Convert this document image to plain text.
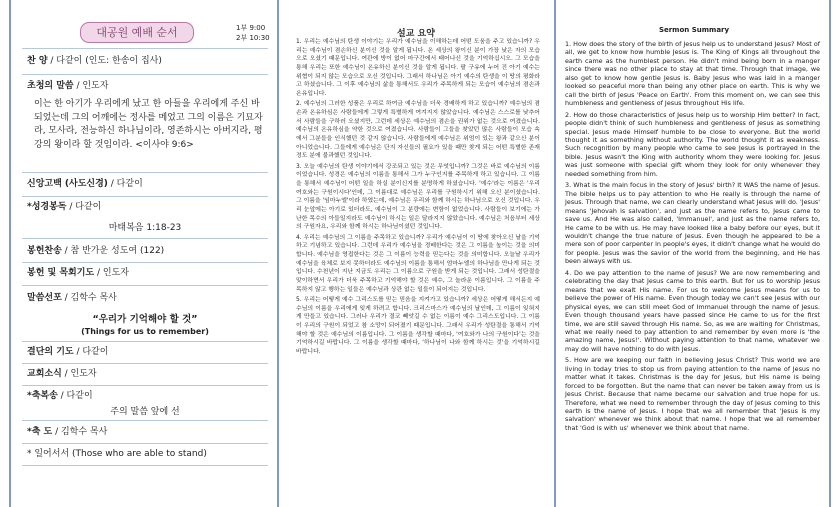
대공원 예배 순서	1부 9:00
2부 10:30
찬 양 / 다같이 (인도: 한송이 집사)
초청의 말씀 / 인도자
이는 한 아기가 우리에게 났고 한 아들을 우리에게 주신 바 되었는데 그의 어깨에는 정사를 메었고 그의 이름은 기묘자라, 모사라, 전능하신 하나님이라, 영존하시는 아버지라, 평강의 왕이라 할 것임이라. <이사야 9:6>
신앙고백 (사도신경) / 다같이
*성경봉독 / 다같이
마태복음 1:18-23
봉헌찬송 / 참 반가운 성도여 (122)
봉헌 및 목회기도 / 인도자
말씀선포 / 김학수 목사
“우리가 기억해야 할 것”
(Things for us to remember)
결단의 기도 / 다같이
교회소식 / 인도자
*축복송 / 다같이
주의 말씀 앞에 선
*축 도 / 김학수 목사
* 일어서서 (Those who are able to stand)
설교 요약

1. 우리는 예수님의 탄생 이야기는 우리가 예수님을 이해하는데 어떤 도움을 주고 있습니까? 우리는 예수님이 겸손하신 분이신 것을 알게 됩니다. 온 세상의 왕이신 분이 가장 낮은 자의 모습으로 오셨기 때문입니다. 여관에 방이 없어 마구간에서 태어나신 것을 기억하십시오. 그 모습을 통해 우리는 또한 예수님이 온유하신 분이신 것을 알게 됩니다. 팔 구유에 누어 진 아기 예수는 위협이 되지 않는 모습으로 오신 것입니다. 그래서 하나님은 아기 예수의 탄생을 이 땅의 평화라고 하셨습니다. 그 이후 예수님의 삶을 통해서도 우리가 주목하게 되는 모습이 예수님의 겸손과 온유입니다.

2. 예수님의 그러한 성품은 우리로 하여금 예수님을 더욱 경배하게 하고 있습니까? 예수님의 겸손과 온유하심은 사람들에게 그렇게 특별하게 여겨지지 않았습니다. 예수님은 스스로를 낮추어서 사람들을 구하러 오셨지만, 그런데 세상은 예수님의 겸손을 권위가 없는 것으로 여겼습니다. 예수님의 온유하심을 약한 것으로 여겼습니다. 사람들이 그들을 찾았던 많은 사람들이 모습 속에서 그분들을 인식했던 것 같지 않습니다. 사람들에게 예수님은 위엄이 있는 왕과 같으신 분이 아니었습니다. 그들에게 예수님은 단지 자신들의 필요가 있을 때만 찾게 되는 어떤 특별한 존재 정도 분에 불과했던 것입니다.

3. 오늘 예수님의 탄생 이야기에서 강조되고 있는 것은 무엇입니까? 그것은 바로 예수님의 이름이었습니다. 성경은 예수님의 이름을 통해서 그가 누구인지를 주목하게 하고 있습니다. 그 이름을 통해서 예수님이 어떤 일을 하실 분이신지를 분명하게 하셨습니다. '예수'라는 이름은 '우리 여호와는 구원이시다'인데, 그 이름대로 예수님은 우리를 구원하시기 위해 오신 분이셨습니다. 그 이름을 '임마누엘'이라 하였는데, 예수님은 우리와 함께 하시는 하나님으로 오신 것입니다. 우리 눈앞에는 아기로 있더라도, 예수님이 그 분량에는 변함이 없었습니다. 사람들이 보기에는 가난한 목수의 아들일지라도 예수님이 하시는 일은 달라지지 않았습니다. 예수님은 처음부터 세상의 구원자요, 우리와 함께 하시는 하나님이셨던 것입니다.

4. 우리는 예수님의 그 이름을 주목하고 있습니까? 우리가 예수님이 이 땅에 찾아오신 날을 기억하고 기념하고 있습니다. 그런데 우리가 예수님을 경배한다는 것은 그 이름을 높이는 것을 의미합니다. 예수님을 영접한다는 것은 그 이름이 능력을 믿는다는 것을 의미합니다. 오늘날 우리가 예수님을 육체로 보지 못하더라도 예수님의 이름을 통해서 엄마누엘의 하나님을 만나게 되는 것입니다. 수천년이 지난 지금도 우리는 그 이름으로 구원을 받게 되는 것입니다. 그래서 성탄절을 맞이하면서 우리가 더욱 주목하고 기억해야 할 것은 예수, 그 놀라운 이름입니다. 그 이름을 주목하지 않고 행하는 일들은 예수님과 상관 없는 일들이 되어지는 것입니다.

5. 우리는 어떻게 예수 그리스도를 믿는 믿음을 지켜가고 있습니까? 세상은 어떻게 해서든지 예수님의 이름을 우리에게 잊게 하려고 합니다. 크리스마스가 예수님의 날인데, 그 이름이 잊혀지게 만들고 있습니다. 그러나 우리가 결코 빼앗길 수 없는 이름이 예수 그리스도입니다. 그 이름이 우리의 구원이 되었고 참 소망이 되어졌기 때문입니다. 그래서 우리가 성탄절을 통해서 기억해야 할 것은 예수님의 이름입니다. 그 이름을 생각할 때마다, '여호와가 나의 구원이다'는 것을 기억하시길 바랍니다. 그 이름을 생각할 때마다, '하나님이 나와 함께 하시는 것'을 기억하시길 바랍니다.

Sermon Summary

1. How does the story of the birth of Jesus help us to understand Jesus? Most of all, we get to know how humble Jesus is. The King of Kings all throughout the earth came as the humblest person. He didn't mind being born in a manger since there was no other place to stay at that time. Through that image, we also get to know how gentle Jesus is. Baby Jesus who was laid in a manger looked so peaceful more than being any other place on earth. This is why we call the birth of Jesus 'Peace on Earth'. From this moment on, we can see this humbleness and gentleness of Jesus throughout His life.

2. How do those characteristics of Jesus help us to worship Him better? In fact, people didn't think of such humbleness and gentleness of Jesus as something special. Jesus made Himself humble to be close to everyone. But the world thought it as something without authority. The world thought it as weakness. Such recognition by many people who came to see Jesus is portrayed in the bible. Jesus wasn't the King with authority whom they were looking for. Jesus was just someone with special gift whom they look for only whenever they needed something from him.

3. What is the main focus in the story of Jesus' birth? It WAS the name of Jesus. The bible helps us to pay attention to who He really is through the name of Jesus. Through that name, we can clearly understand what Jesus will do. 'Jesus' means 'Jehovah is salvation', and just as the name refers to, Jesus came to save us. And He was also called, 'Immanuel', and just as the name refers to, He came to be with us. He may have looked like a baby before our eyes, but it wouldn't change the true nature of Jesus. Even though he appeared to be a mere son of poor carpenter in people's eyes, it didn't change what he would do for people. Jesus was the savior of the world from the beginning, and He has been always with us.

4. Do we pay attention to the name of Jesus? We are now remembering and celebrating the day that Jesus came to this earth. But for us to worship Jesus means that we exalt His name. For us to welcome Jesus means for us to believe the power of His name. Even though today we can't see Jesus with our physical eyes, we can still meet God of Immanuel through the name of Jesus. Even though thousand years have passed since He came to us for the first time, we are still saved through His name. So, as we are waiting for Christmas, what we really need to pay attention to and remember by even more is 'the amazing name, Jesus!'. Without paying attention to that name, whatever we may do will have nothing to do with Jesus.

5. How are we keeping our faith in believing Jesus Christ? This world we are living in today tries to stop us from paying attention to the name of Jesus no matter what it takes. Christmas is the day for Jesus, but His name is being forced to be forgotten. But the name that can never be taken away from us is Jesus Christ. Because that name became our salvation and true hope for us. Therefore, what we need to remember through the day of Jesus coming to this earth is the name of Jesus. I hope that we all remember that 'Jesus is my salvation' whenever we think about that name. I hope that we all remember that 'God is with us' whenever we think about that name.
